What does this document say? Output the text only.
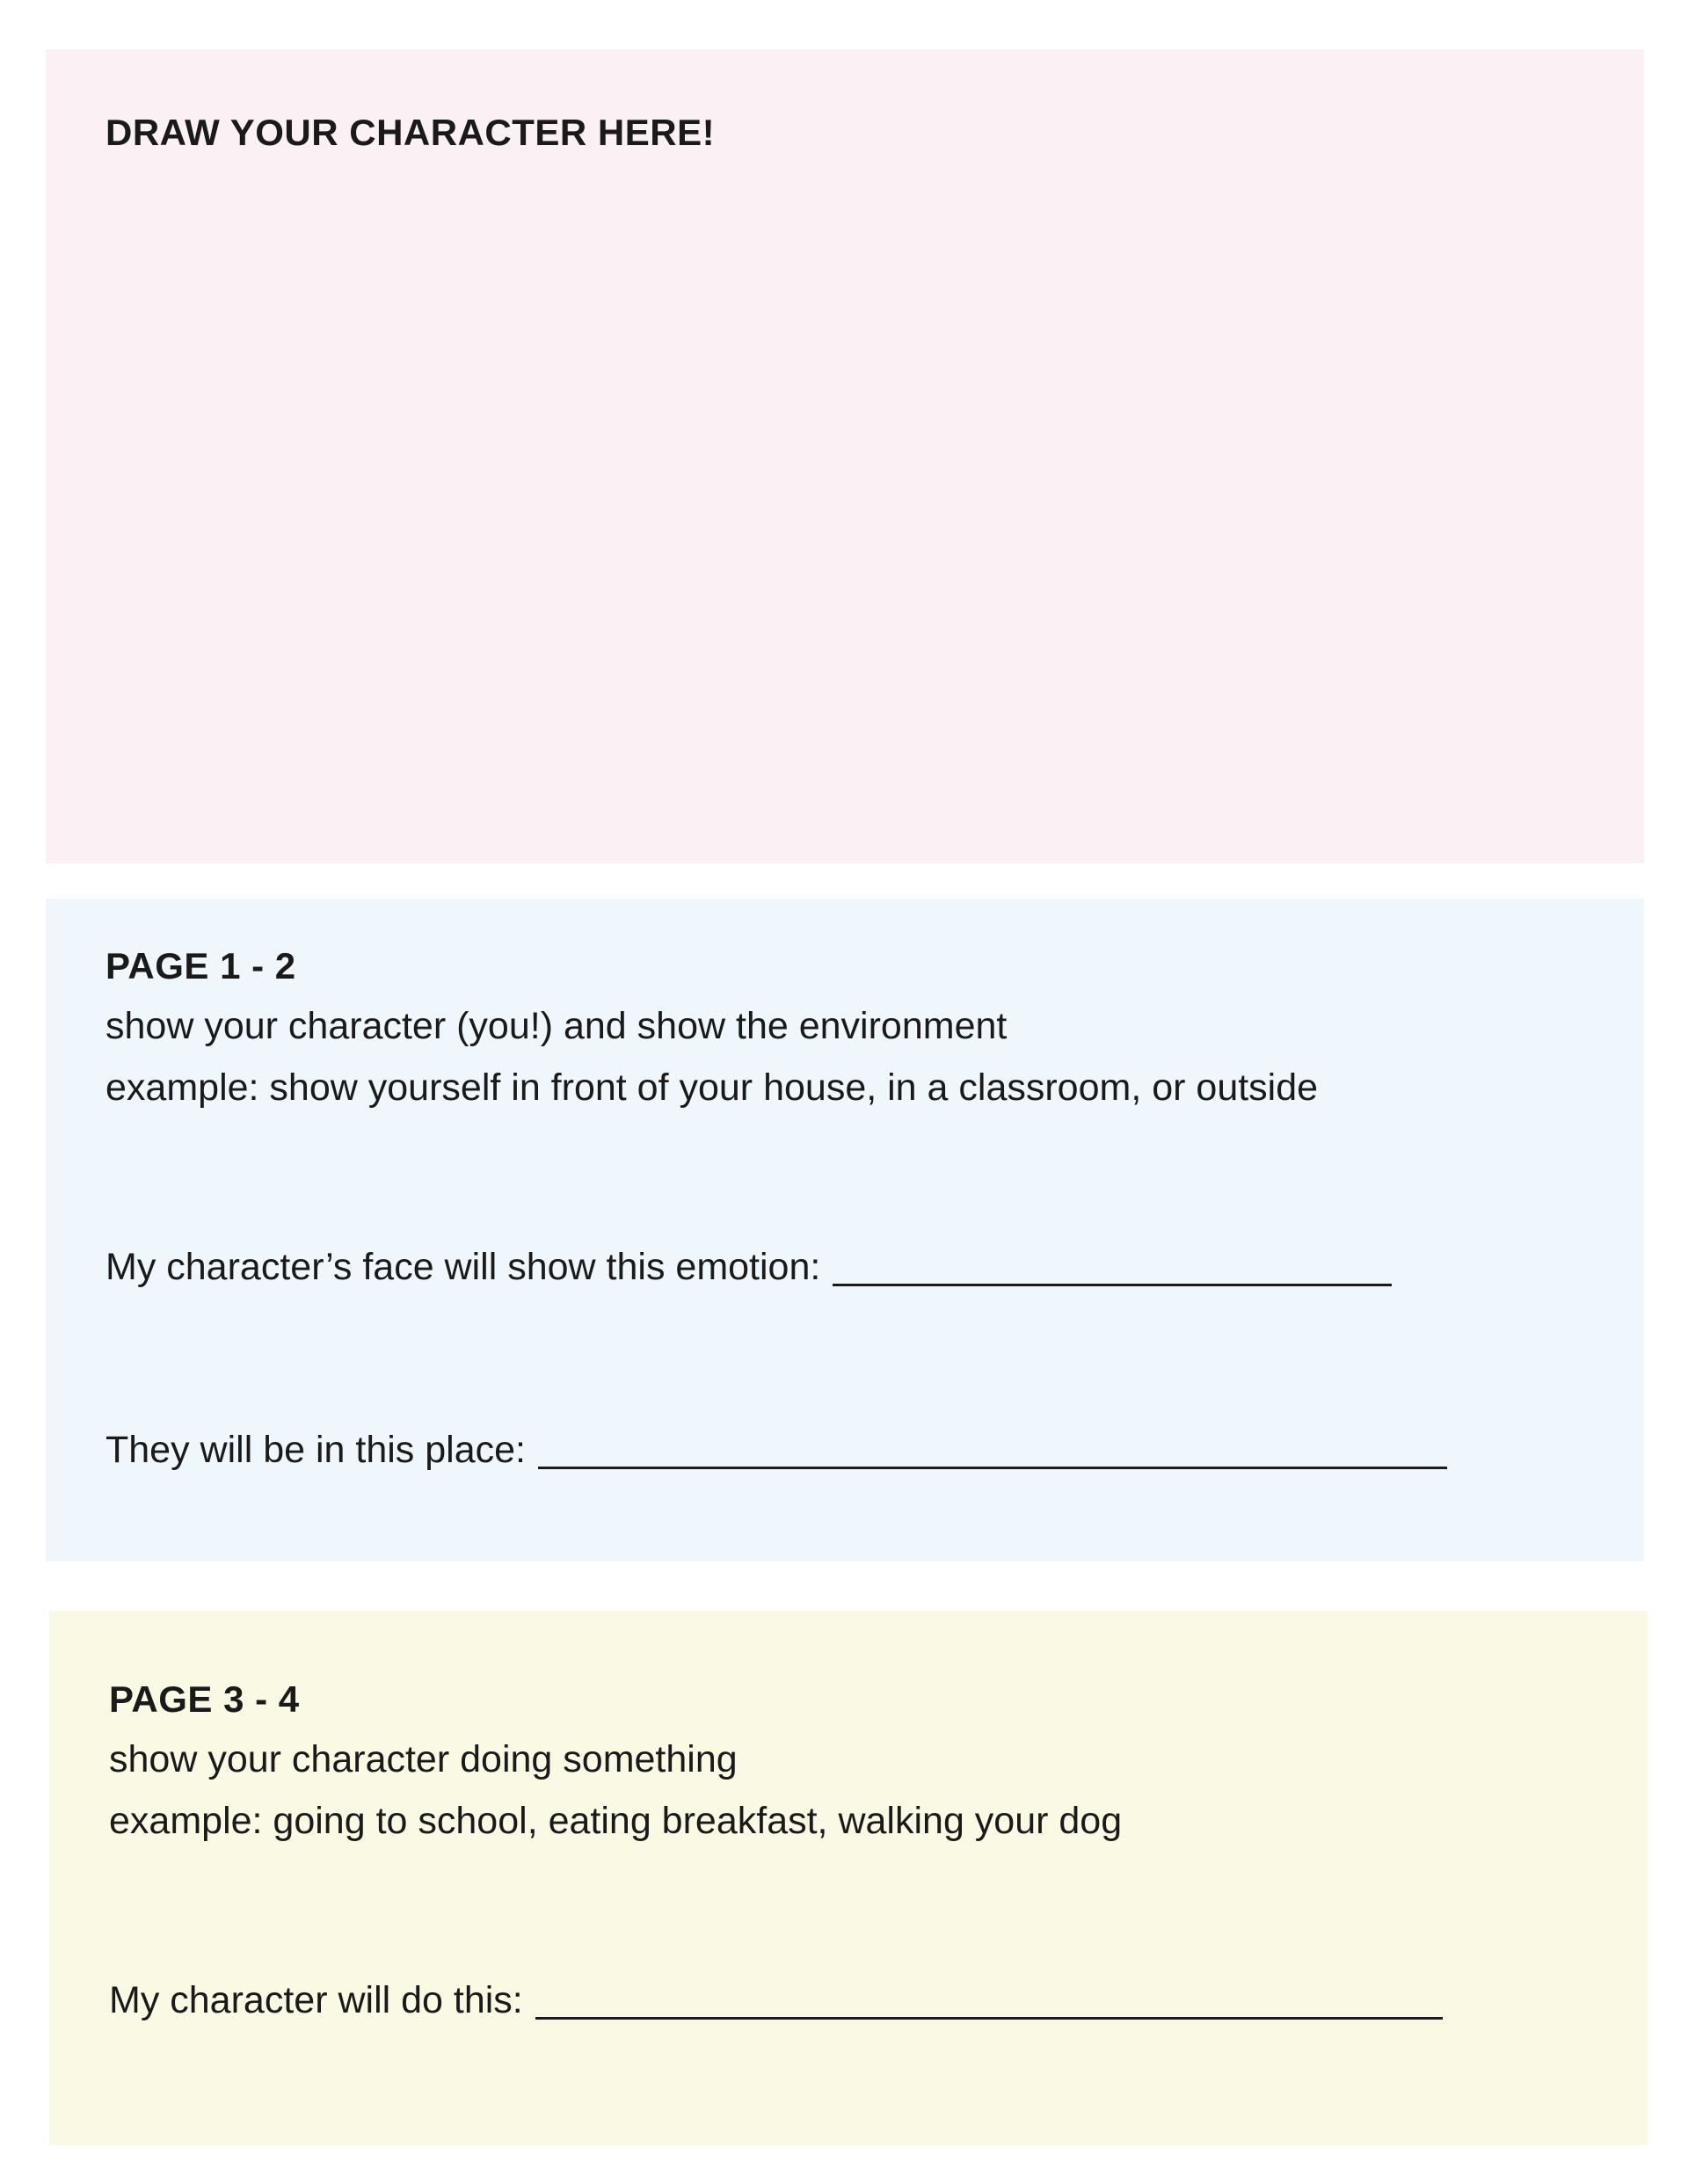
DRAW YOUR CHARACTER HERE!
PAGE 1 - 2
show your character (you!) and show the environment
example: show yourself in front of your house, in a classroom, or outside
My character’s face will show this emotion:
They will be in this place:
PAGE 3 - 4
show your character doing something
example: going to school, eating breakfast, walking your dog
My character will do this:
